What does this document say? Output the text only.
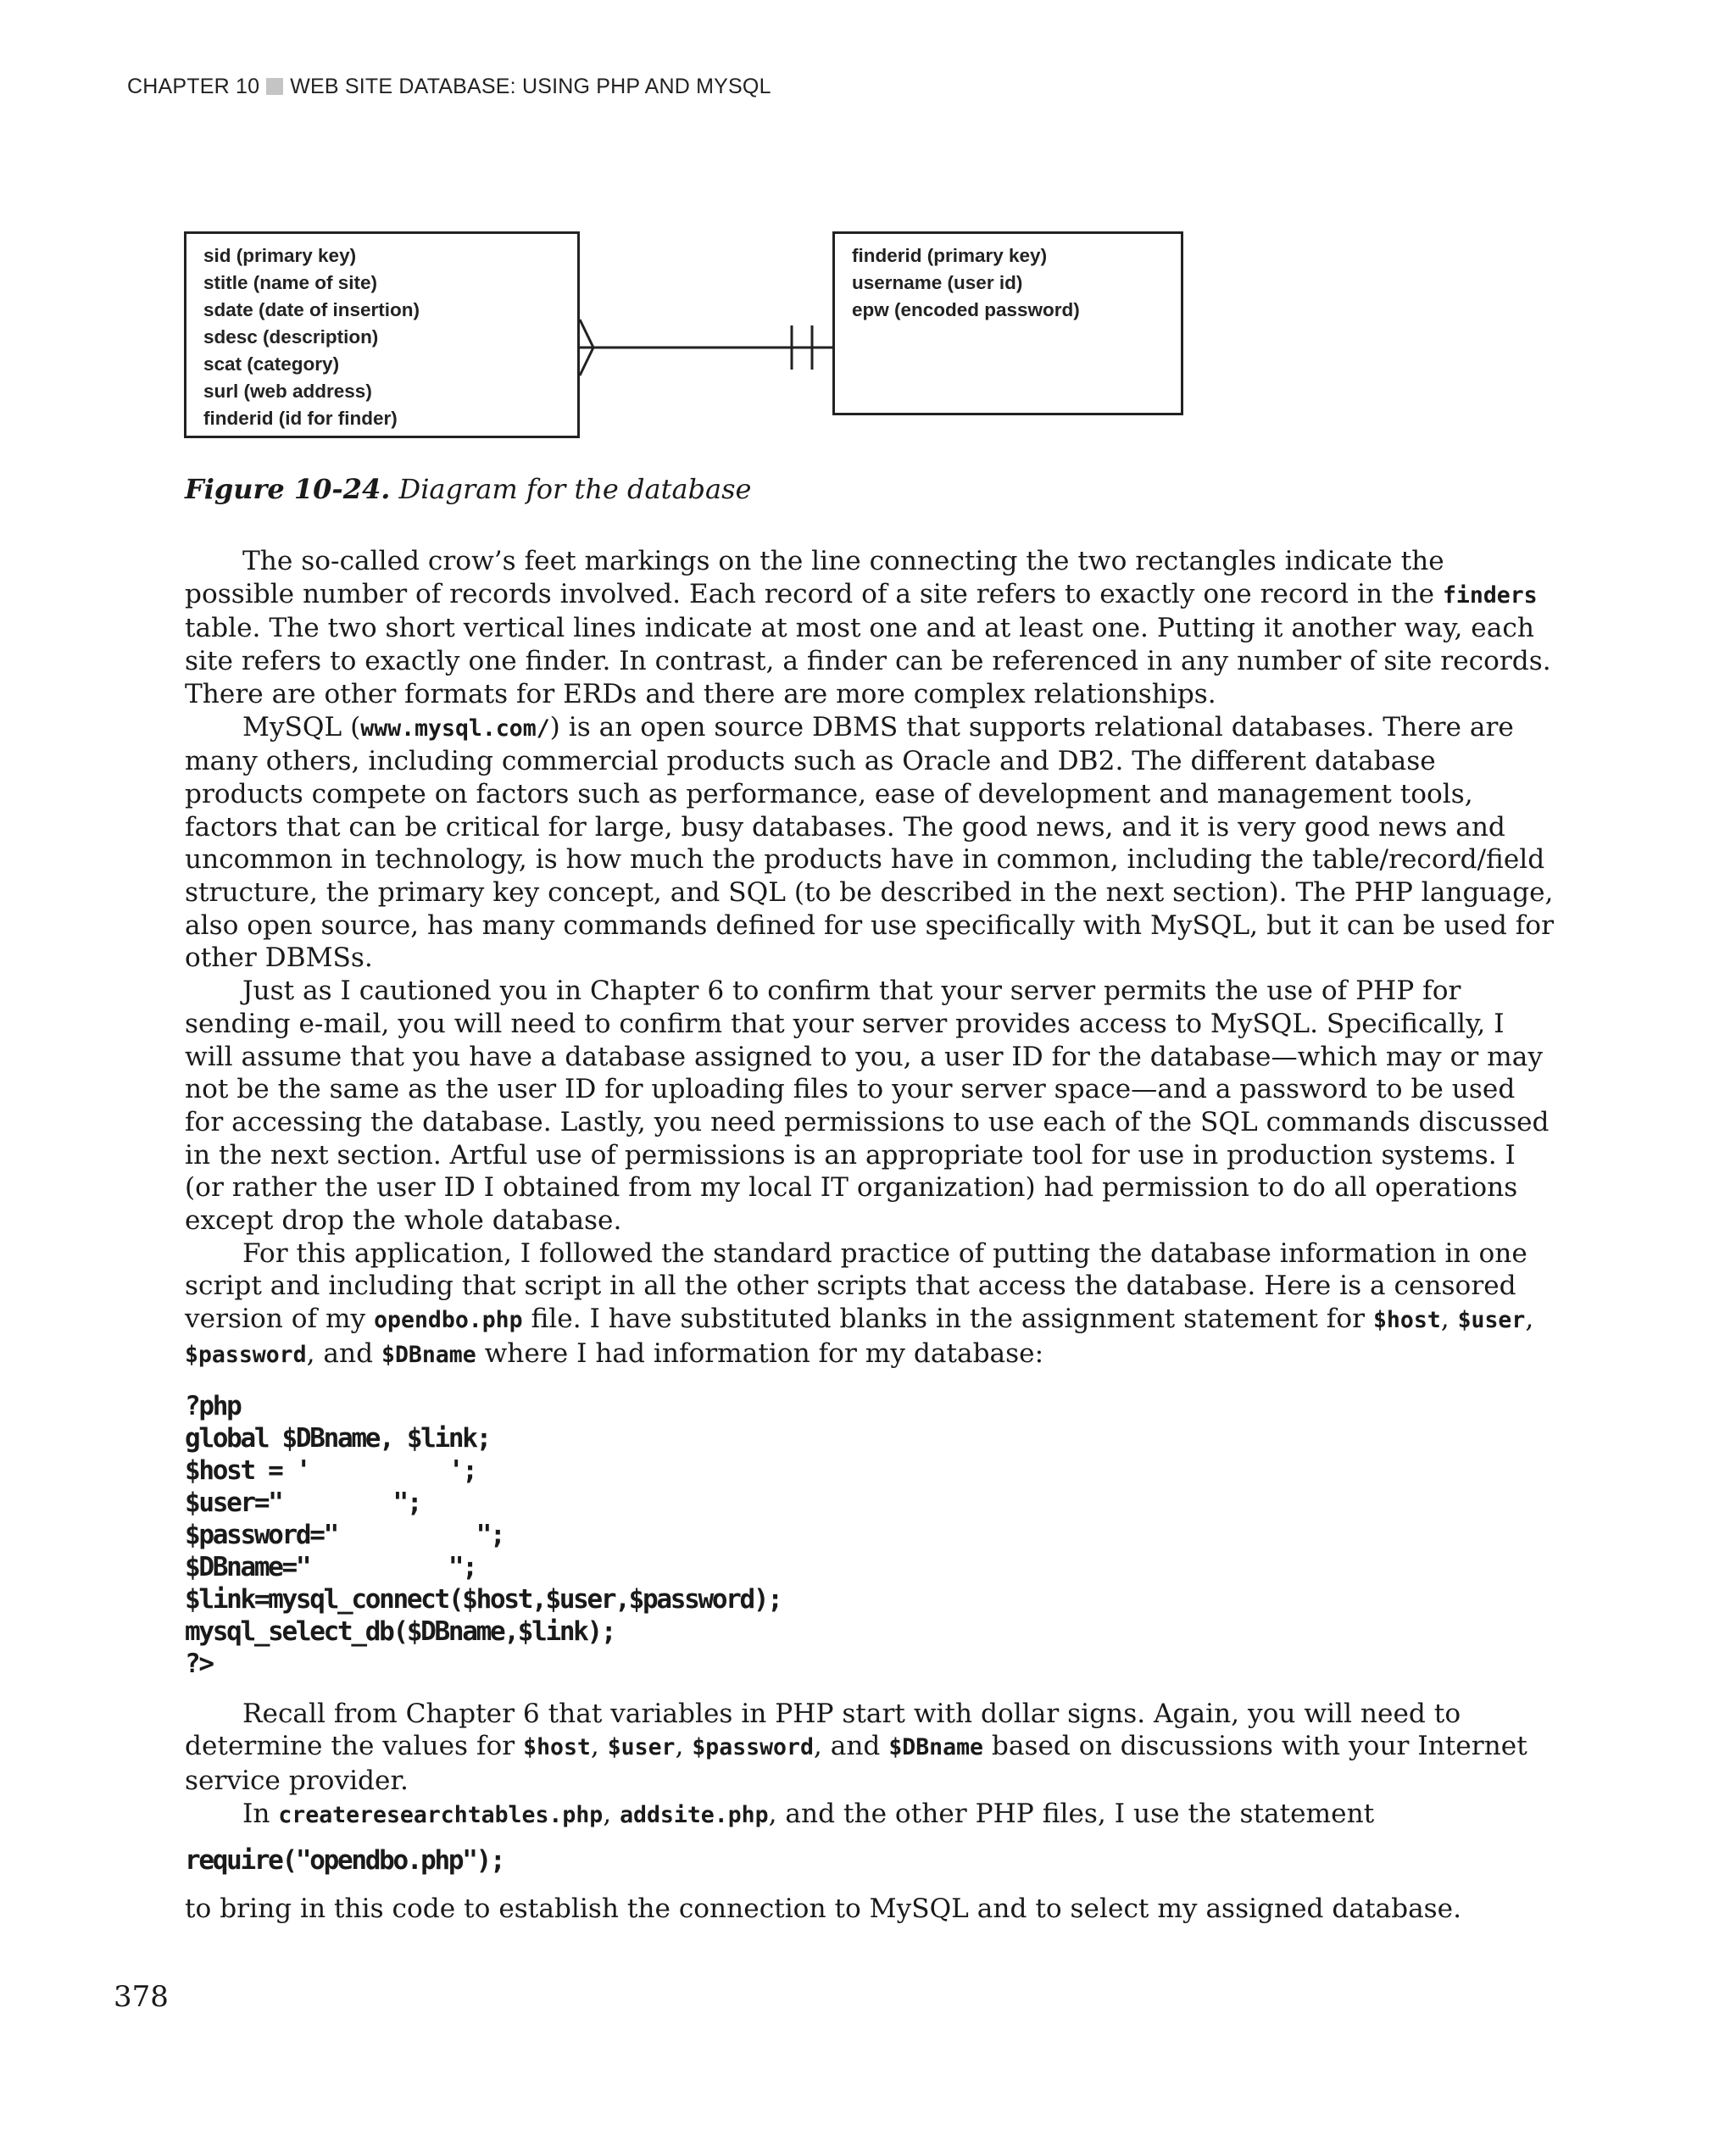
CHAPTER 10 WEB SITE DATABASE: USING PHP AND MYSQL
sid (primary key)
stitle (name of site)
sdate (date of insertion)
sdesc (description)
scat (category)
surl (web address)
finderid (id for finder)
finderid (primary key)
username (user id)
epw (encoded password)
Figure 10-24. Diagram for the database

The so-called crow’s feet markings on the line connecting the two rectangles indicate the possible number of records involved. Each record of a site refers to exactly one record in the finders table. The two short vertical lines indicate at most one and at least one. Putting it another way, each site refers to exactly one finder. In contrast, a finder can be referenced in any number of site records. There are other formats for ERDs and there are more complex relationships.

MySQL (www.mysql.com/) is an open source DBMS that supports relational databases. There are many others, including commercial products such as Oracle and DB2. The different database products compete on factors such as performance, ease of development and management tools, factors that can be critical for large, busy databases. The good news, and it is very good news and uncommon in technology, is how much the products have in common, including the table/record/field structure, the primary key concept, and SQL (to be described in the next section). The PHP language, also open source, has many commands defined for use specifically with MySQL, but it can be used for other DBMSs.

Just as I cautioned you in Chapter 6 to confirm that your server permits the use of PHP for sending e-mail, you will need to confirm that your server provides access to MySQL. Specifically, I will assume that you have a database assigned to you, a user ID for the database—which may or may not be the same as the user ID for uploading files to your server space—and a password to be used for accessing the database. Lastly, you need permissions to use each of the SQL commands discussed in the next section. Artful use of permissions is an appropriate tool for use in production systems. I (or rather the user ID I obtained from my local IT organization) had permission to do all operations except drop the whole database.

For this application, I followed the standard practice of putting the database information in one script and including that script in all the other scripts that access the database. Here is a censored version of my opendbo.php file. I have substituted blanks in the assignment statement for $host, $user, $password, and $DBname where I had information for my database:

?php
global $DBname, $link;
$host = '          ';
$user="        ";
$password="          ";
$DBname="          ";
$link=mysql_connect($host,$user,$password);
mysql_select_db($DBname,$link);
?>

Recall from Chapter 6 that variables in PHP start with dollar signs. Again, you will need to determine the values for $host, $user, $password, and $DBname based on discussions with your Internet service provider.

In createresearchtables.php, addsite.php, and the other PHP files, I use the statement

require("opendbo.php");

to bring in this code to establish the connection to MySQL and to select my assigned database.

378
